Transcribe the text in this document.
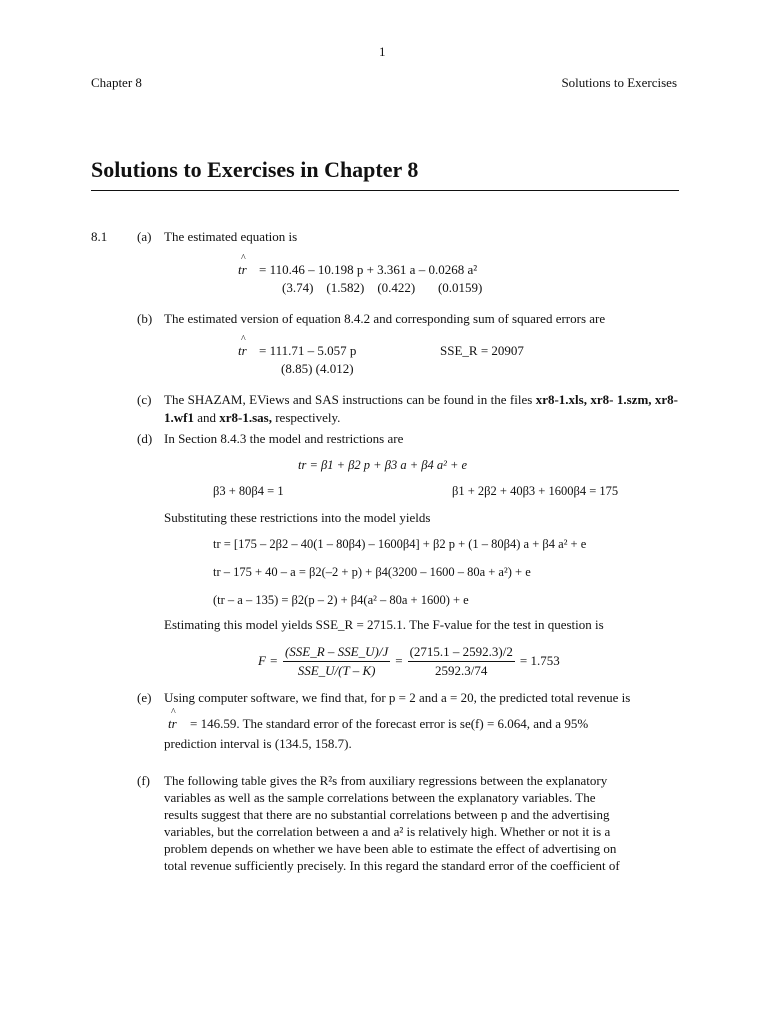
1
Chapter 8	Solutions to Exercises
Solutions to Exercises in Chapter 8
8.1 (a) The estimated equation is
^ tr = 110.46 – 10.198 p + 3.361 a – 0.0268 a²
(3.74)    (1.582)    (0.422)       (0.0159)
(b) The estimated version of equation 8.4.2 and corresponding sum of squared errors are
^ tr = 111.71 – 5.057 p	SSE_R = 20907
(8.85) (4.012)
(c) The SHAZAM, EViews and SAS instructions can be found in the files xr8-1.xls, xr8- 1.szm, xr8-1.wf1 and xr8-1.sas, respectively.
(d) In Section 8.4.3 the model and restrictions are
tr = β1 + β2 p + β3 a + β4 a² + e
β3 + 80β4 = 1	β1 + 2β2 + 40β3 + 1600β4 = 175
Substituting these restrictions into the model yields
tr = [175 – 2β2 – 40(1 – 80β4) – 1600β4] + β2 p + (1 – 80β4) a + β4 a² + e
tr – 175 + 40 – a = β2(–2 + p) + β4(3200 – 1600 – 80a + a²) + e
(tr – a – 135) = β2(p – 2) + β4(a² – 80a + 1600) + e
Estimating this model yields SSE_R = 2715.1. The F-value for the test in question is
$F = \frac{\text{(SSE\_R – SSE\_U)/J}}{\text{SSE\_U/(T – K)}} = \frac{(2715.1 - 2592.3)/2}{2592.3/74} = 1.753$
(e) Using computer software, we find that, for p = 2 and a = 20, the predicted total revenue is
^ tr = 146.59. The standard error of the forecast error is se(f) = 6.064, and a 95%
prediction interval is (134.5, 158.7).
(f) The following table gives the R²s from auxiliary regressions between the explanatory
variables as well as the sample correlations between the explanatory variables. The
results suggest that there are no substantial correlations between p and the advertising
variables, but the correlation between a and a² is relatively high. Whether or not it is a
problem depends on whether we have been able to estimate the effect of advertising on
total revenue sufficiently precisely. In this regard the standard error of the coefficient of
